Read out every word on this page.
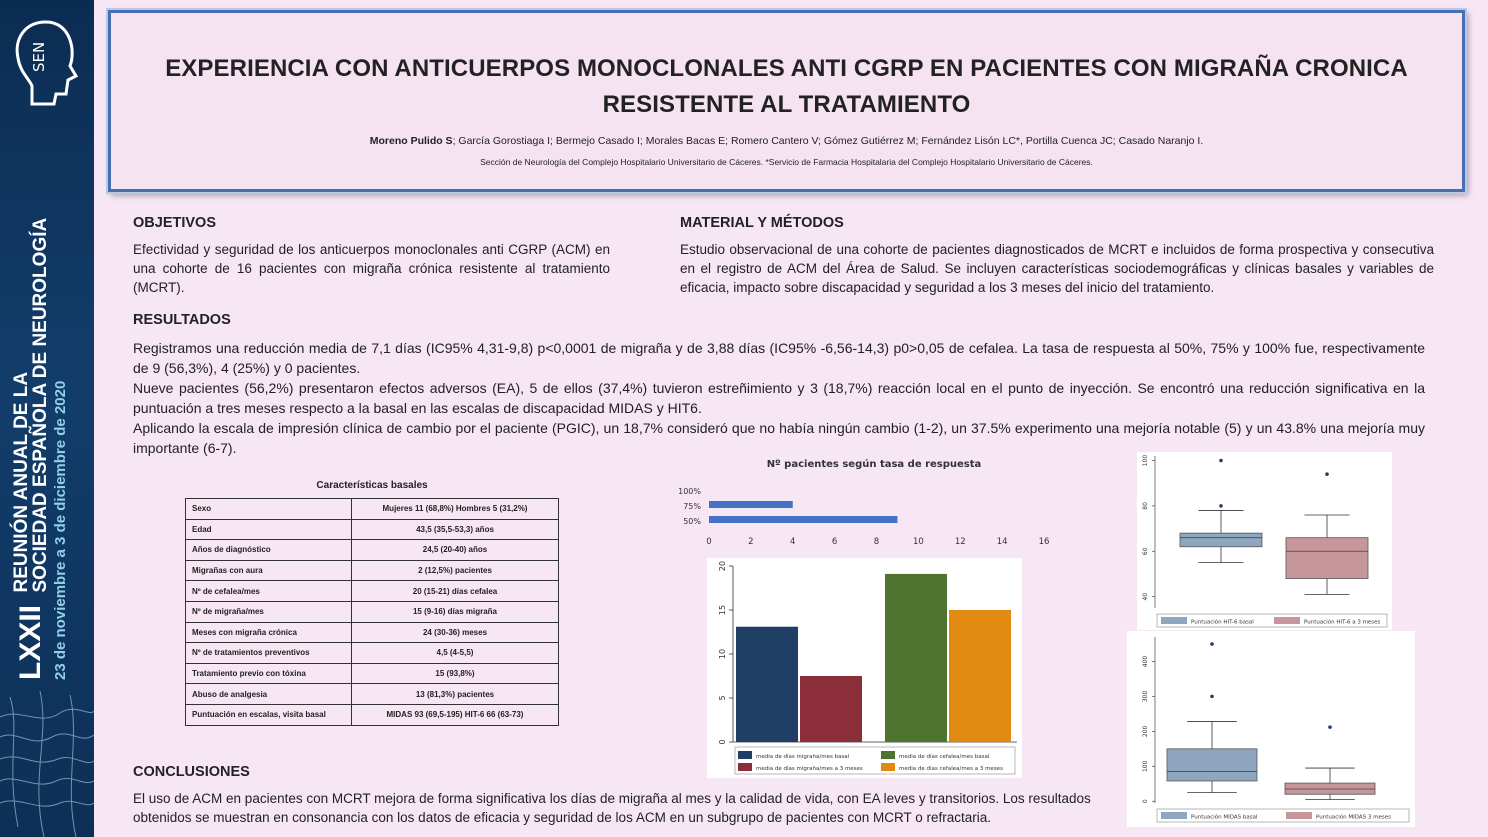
SEN
LXXII
REUNIÓN ANUAL DE LA
SOCIEDAD ESPAÑOLA DE NEUROLOGÍA 23 de noviembre a 3 de diciembre de 2020
EXPERIENCIA CON ANTICUERPOS MONOCLONALES ANTI CGRP EN PACIENTES CON MIGRAÑA CRONICA
RESISTENTE AL TRATAMIENTO
Moreno Pulido S; García Gorostiaga I; Bermejo Casado I; Morales Bacas E; Romero Cantero V; Gómez Gutiérrez M; Fernández Lisón LC*, Portilla Cuenca JC; Casado Naranjo I.
Sección de Neurología del Complejo Hospitalario Universitario de Cáceres. *Servicio de Farmacia Hospitalaria del Complejo Hospitalario Universitario de Cáceres.
OBJETIVOS
Efectividad y seguridad de los anticuerpos monoclonales anti CGRP (ACM) en una cohorte de 16 pacientes con migraña crónica resistente al tratamiento (MCRT).
MATERIAL Y MÉTODOS
Estudio observacional de una cohorte de pacientes diagnosticados de MCRT e incluidos de forma prospectiva y consecutiva en el registro de ACM del Área de Salud. Se incluyen características sociodemográficas y clínicas basales y variables de eficacia, impacto sobre discapacidad y seguridad a los 3 meses del inicio del tratamiento.
RESULTADOS
Registramos una reducción media de 7,1 días (IC95% 4,31-9,8) p<0,0001 de migraña y de 3,88 días (IC95% -6,56-14,3) p0>0,05 de cefalea. La tasa de respuesta al 50%, 75% y 100% fue, respectivamente de 9 (56,3%), 4 (25%) y 0 pacientes.
Nueve pacientes (56,2%) presentaron efectos adversos (EA), 5 de ellos (37,4%) tuvieron estreñimiento y 3 (18,7%) reacción local en el punto de inyección. Se encontró una reducción significativa en la puntuación a tres meses respecto a la basal en las escalas de discapacidad MIDAS y HIT6.
Aplicando la escala de impresión clínica de cambio por el paciente (PGIC), un 18,7% consideró que no había ningún cambio (1-2), un 37.5% experimento una mejoría notable (5) y un 43.8% una mejoría muy importante (6-7).
Características basales
Sexo	Mujeres 11 (68,8%) Hombres 5 (31,2%)
Edad	43,5 (35,5-53,3) años
Años de diagnóstico	24,5 (20-40) años
Migrañas con aura	2 (12,5%) pacientes
Nº de cefalea/mes	20 (15-21) días cefalea
Nº de migraña/mes	15 (9-16) días migraña
Meses con migraña crónica	24 (30-36) meses
Nº de tratamientos preventivos	4,5 (4-5,5)
Tratamiento previo con tóxina	15 (93,8%)
Abuso de analgesia	13 (81,3%) pacientes
Puntuación en escalas, visita basal	MIDAS 93 (69,5-195) HIT-6 66 (63-73)
Nº pacientes según tasa de respuesta
100%
75%
50%
0	2	4	6	8	10	12	14	16
0
5
10
15
20
media de días migraña/mes basal
media de días migraña/mes a 3 meses
media de días cefalea/mes basal
media de días cefalea/mes a 3 meses
40
60
80
100
Puntuación HIT-6 basal	Puntuación HIT-6 a 3 meses
0
100
200
300
400
Puntuación MIDAS basal	Puntuación MIDAS 3 meses
CONCLUSIONES
El uso de ACM en pacientes con MCRT mejora de forma significativa los días de migraña al mes y la calidad de vida, con EA leves y transitorios. Los resultados obtenidos se muestran en consonancia con los datos de eficacia y seguridad de los ACM en un subgrupo de pacientes con MCRT o refractaria.
